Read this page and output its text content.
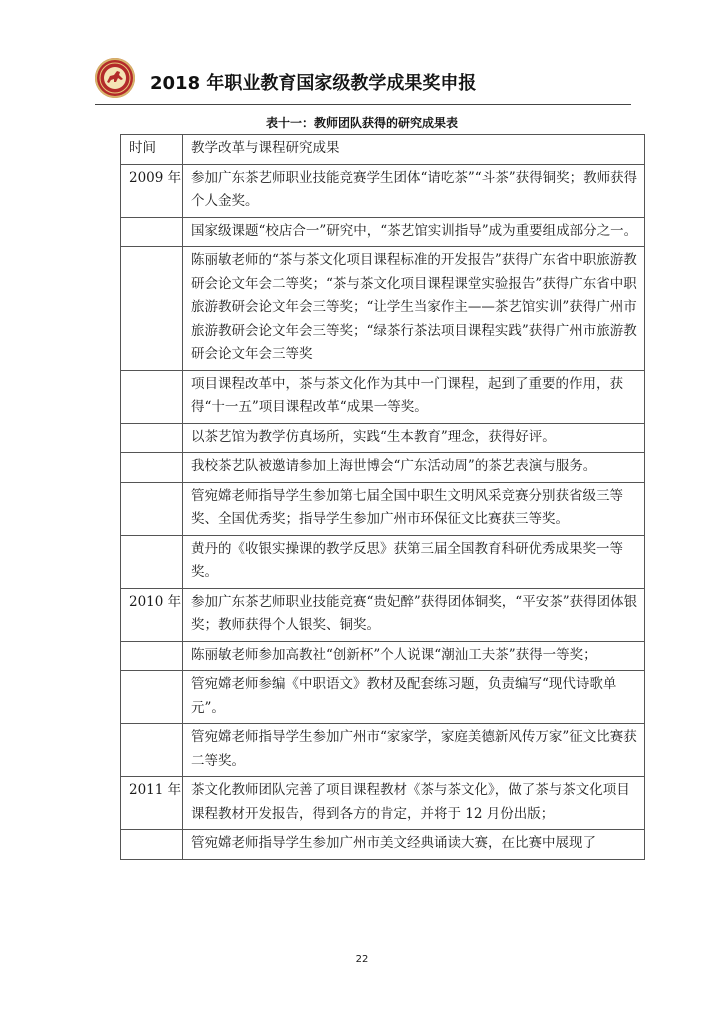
2018 年职业教育国家级教学成果奖申报
表十一：教师团队获得的研究成果表
时间	教学改革与课程研究成果
2009 年	参加广东茶艺师职业技能竞赛学生团体“请吃茶”“斗茶”获得铜奖；教师获得个人金奖。
	国家级课题“校店合一”研究中，“茶艺馆实训指导”成为重要组成部分之一。
	陈丽敏老师的“茶与茶文化项目课程标准的开发报告”获得广东省中职旅游教研会论文年会二等奖；“茶与茶文化项目课程课堂实验报告”获得广东省中职旅游教研会论文年会三等奖；“让学生当家作主——茶艺馆实训”获得广州市旅游教研会论文年会三等奖；“绿茶行茶法项目课程实践”获得广州市旅游教研会论文年会三等奖
	项目课程改革中，茶与茶文化作为其中一门课程，起到了重要的作用，获得“十一五”项目课程改革“成果一等奖。
	以茶艺馆为教学仿真场所，实践“生本教育”理念，获得好评。
	我校茶艺队被邀请参加上海世博会“广东活动周”的茶艺表演与服务。
	管宛嫦老师指导学生参加第七届全国中职生文明风采竞赛分别获省级三等奖、全国优秀奖；指导学生参加广州市环保征文比赛获三等奖。
	黄丹的《收银实操课的教学反思》获第三届全国教育科研优秀成果奖一等奖。
2010 年	参加广东茶艺师职业技能竞赛“贵妃醉”获得团体铜奖，“平安茶”获得团体银奖；教师获得个人银奖、铜奖。
	陈丽敏老师参加高教社“创新杯”个人说课“潮汕工夫茶”获得一等奖；
	管宛嫦老师参编《中职语文》教材及配套练习题，负责编写“现代诗歌单元”。
	管宛嫦老师指导学生参加广州市“家家学，家庭美德新风传万家”征文比赛获二等奖。
2011 年	茶文化教师团队完善了项目课程教材《茶与茶文化》，做了茶与茶文化项目课程教材开发报告，得到各方的肯定，并将于 12 月份出版；
	管宛嫦老师指导学生参加广州市美文经典诵读大赛，在比赛中展现了
22
